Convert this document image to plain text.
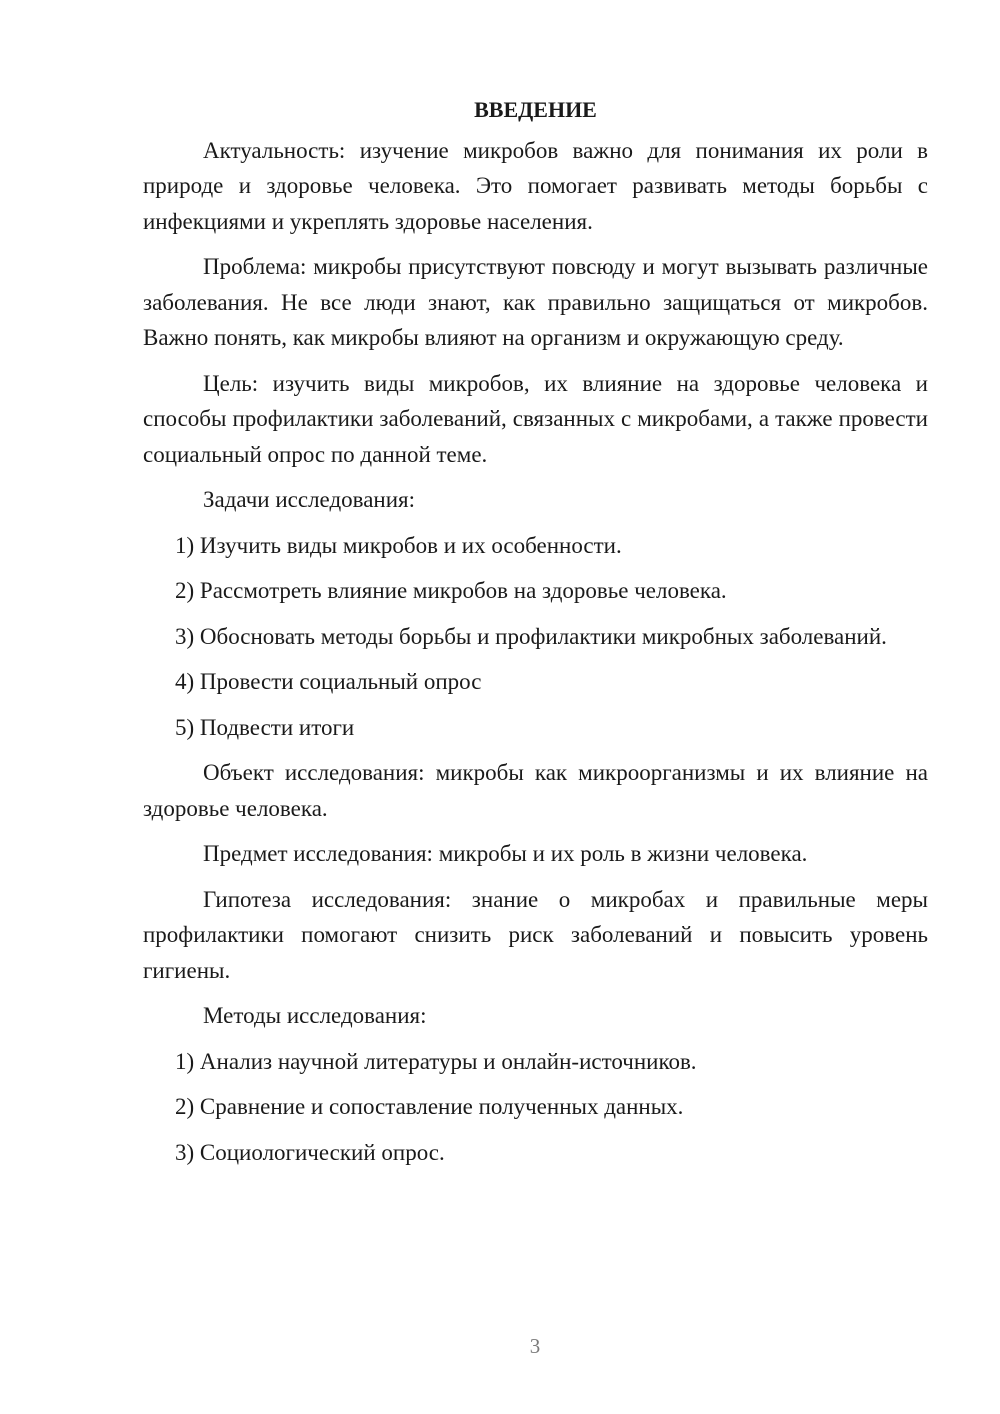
ВВЕДЕНИЕ

Актуальность: изучение микробов важно для понимания их роли в природе и здоровье человека. Это помогает развивать методы борьбы с инфекциями и укреплять здоровье населения.

Проблема: микробы присутствуют повсюду и могут вызывать различные заболевания. Не все люди знают, как правильно защищаться от микробов. Важно понять, как микробы влияют на организм и окружающую среду.

Цель: изучить виды микробов, их влияние на здоровье человека и способы профилактики заболеваний, связанных с микробами, а также провести социальный опрос по данной теме.

Задачи исследования:

1) Изучить виды микробов и их особенности.

2) Рассмотреть влияние микробов на здоровье человека.

3) Обосновать методы борьбы и профилактики микробных заболеваний.

4) Провести социальный опрос

5) Подвести итоги

Объект исследования: микробы как микроорганизмы и их влияние на здоровье человека.

Предмет исследования: микробы и их роль в жизни человека.

Гипотеза исследования: знание о микробах и правильные меры профилактики помогают снизить риск заболеваний и повысить уровень гигиены.

Методы исследования:

1) Анализ научной литературы и онлайн-источников.

2) Сравнение и сопоставление полученных данных.

3) Социологический опрос.

3
